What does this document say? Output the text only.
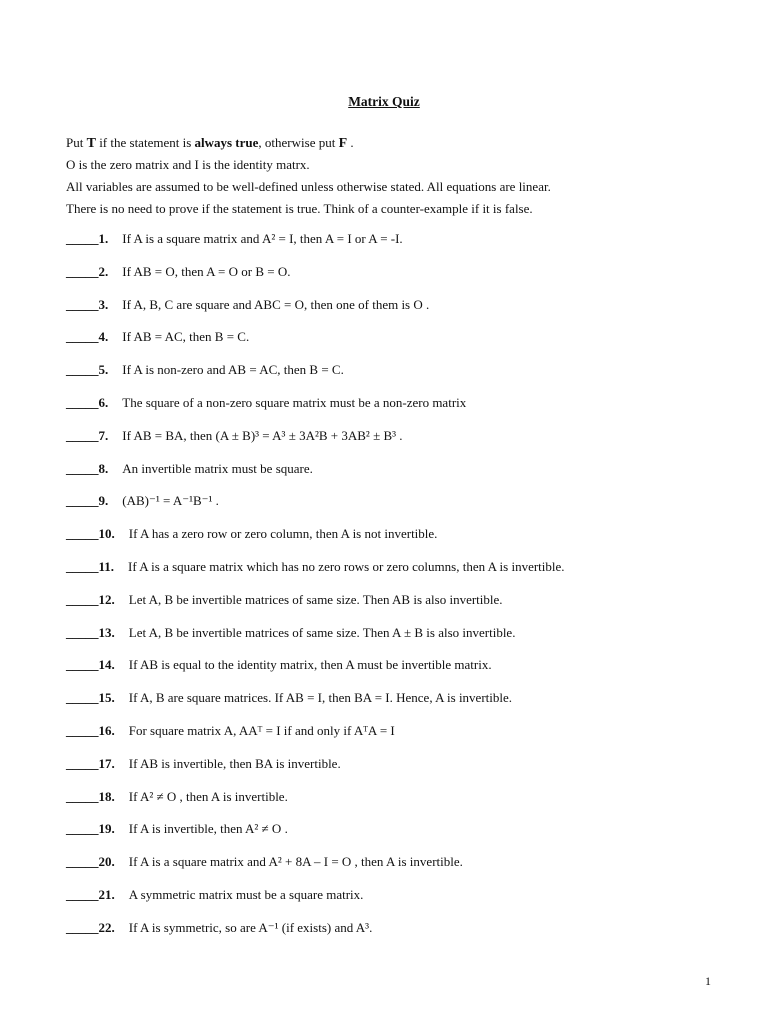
Matrix Quiz
Put T if the statement is always true, otherwise put F .
O is the zero matrix and I is the identity matrx.
All variables are assumed to be well-defined unless otherwise stated. All equations are linear.
There is no need to prove if the statement is true. Think of a counter-example if it is false.
_____1. If A is a square matrix and A² = I, then A = I or A = -I.
_____2. If AB = O, then A = O or B = O.
_____3. If A, B, C are square and ABC = O, then one of them is O .
_____4. If AB = AC, then B = C.
_____5. If A is non-zero and AB = AC, then B = C.
_____6. The square of a non-zero square matrix must be a non-zero matrix
_____7. If AB = BA, then (A ± B)³ = A³ ± 3A²B + 3AB² ± B³ .
_____8. An invertible matrix must be square.
_____9. (AB)⁻¹ = A⁻¹B⁻¹ .
_____10. If A has a zero row or zero column, then A is not invertible.
_____11. If A is a square matrix which has no zero rows or zero columns, then A is invertible.
_____12. Let A, B be invertible matrices of same size. Then AB is also invertible.
_____13. Let A, B be invertible matrices of same size. Then A ± B is also invertible.
_____14. If AB is equal to the identity matrix, then A must be invertible matrix.
_____15. If A, B are square matrices. If AB = I, then BA = I. Hence, A is invertible.
_____16. For square matrix A, AAᵀ = I if and only if AᵀA = I
_____17. If AB is invertible, then BA is invertible.
_____18. If A² ≠ O , then A is invertible.
_____19. If A is invertible, then A² ≠ O .
_____20. If A is a square matrix and A² + 8A – I = O , then A is invertible.
_____21. A symmetric matrix must be a square matrix.
_____22. If A is symmetric, so are A⁻¹ (if exists) and A³.
1
